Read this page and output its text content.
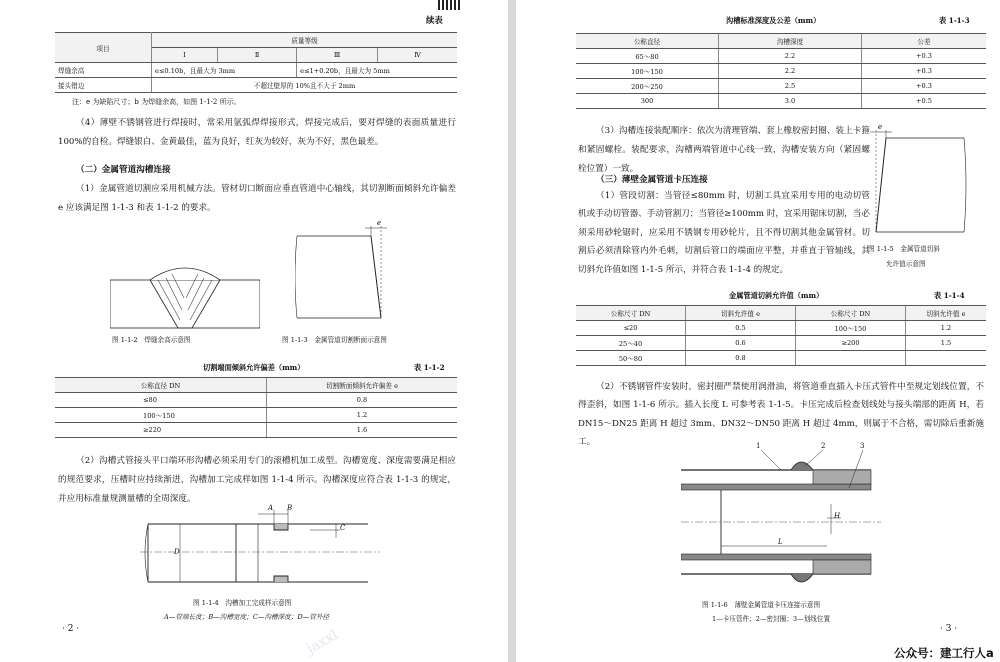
续表
项目	质量等级			
	Ⅰ	Ⅱ	Ⅲ	Ⅳ
焊缝余高	e≤0.10b，且最大为 3mm		e≤1+0.20b，且最大为 5mm	
接头错边	不超过壁厚的 10%且不大于 2mm			
注：e 为缺陷尺寸；b 为焊缝余高，如图 1-1-2 所示。
（4）薄壁不锈钢管进行焊接时，常采用氩弧焊焊接形式，焊接完成后，要对焊缝的表面质量进行 100%的自检。焊缝银白、金黄最佳，蓝为良好，红灰为较好，灰为不好，黑色最差。
（二）金属管道沟槽连接
（1）金属管道切割应采用机械方法。管材切口断面应垂直管道中心轴线，其切割断面倾斜允许偏差 e 应该满足图 1-1-3 和表 1-1-2 的要求。
图 1-1-2　焊缝余高示意图
e
图 1-1-3　金属管道切割断面示意图
切割端面倾斜允许偏差（mm）	表 1-1-2
公称直径 DN	切割断面倾斜允许偏差 e
≤80	0.8
100～150	1.2
≥220	1.6
（2）沟槽式管接头平口端环形沟槽必须采用专门的滚槽机加工成型。沟槽宽度、深度需要满足相应的规范要求，压槽时应持续渐进，沟槽加工完成样如图 1-1-4 所示。沟槽深度应符合表 1-1-3 的规定，并应用标准量规测量槽的全周深度。
A B
C
D
图 1-1-4　沟槽加工完成样示意图
A—管端长度；B—沟槽宽度；C—沟槽深度；D—管外径
· 2 ·	jaxxl
沟槽标准深度及公差（mm）	表 1-1-3
公称直径	沟槽深度	公差
65～80	2.2	+0.3
100～150	2.2	+0.3
200～250	2.5	+0.3
300	3.0	+0.5
（3）沟槽连接装配顺序：依次为清理管端、套上橡胶密封圈、装上卡箍和紧固螺栓。装配要求，沟槽两端管道中心线一致，沟槽安装方向（紧固螺栓位置）一致。
（三）薄壁金属管道卡压连接
（1）管段切割：当管径≤80mm 时，切割工具宜采用专用的电动切管机或手动切管器、手动管割刀；当管径≥100mm 时，宜采用锯床切割，当必须采用砂轮锯时，应采用不锈钢专用砂轮片，且不得切割其他金属管材。切割后必须清除管内外毛刺，切割后管口的端面应平整，并垂直于管轴线，其切斜允许值如图 1-1-5 所示，并符合表 1-1-4 的规定。
e
图 1-1-5　金属管道切斜
允许值示意图
金属管道切斜允许值（mm）	表 1-1-4
公称尺寸 DN	切斜允许值 e	公称尺寸 DN	切斜允许值 e
≤20	0.5	100～150	1.2
25～40	0.6	≥200	1.5
50～80	0.8		
（2）不锈钢管件安装时，密封圈严禁使用润滑油，将管道垂直插入卡压式管件中至规定划线位置，不得歪斜，如图 1-1-6 所示。插入长度 L 可参考表 1-1-5。卡压完成后检查划线处与接头端部的距离 H，若 DN15～DN25 距离 H 超过 3mm、DN32～DN50 距离 H 超过 4mm，则属于不合格，需切除后重新施工。	1	2	3
H
L
图 1-1-6　薄壁金属管道卡压连接示意图
1—卡压管件；2—密封圈；3—划线位置
· 3 ·
公众号：建工行人a
